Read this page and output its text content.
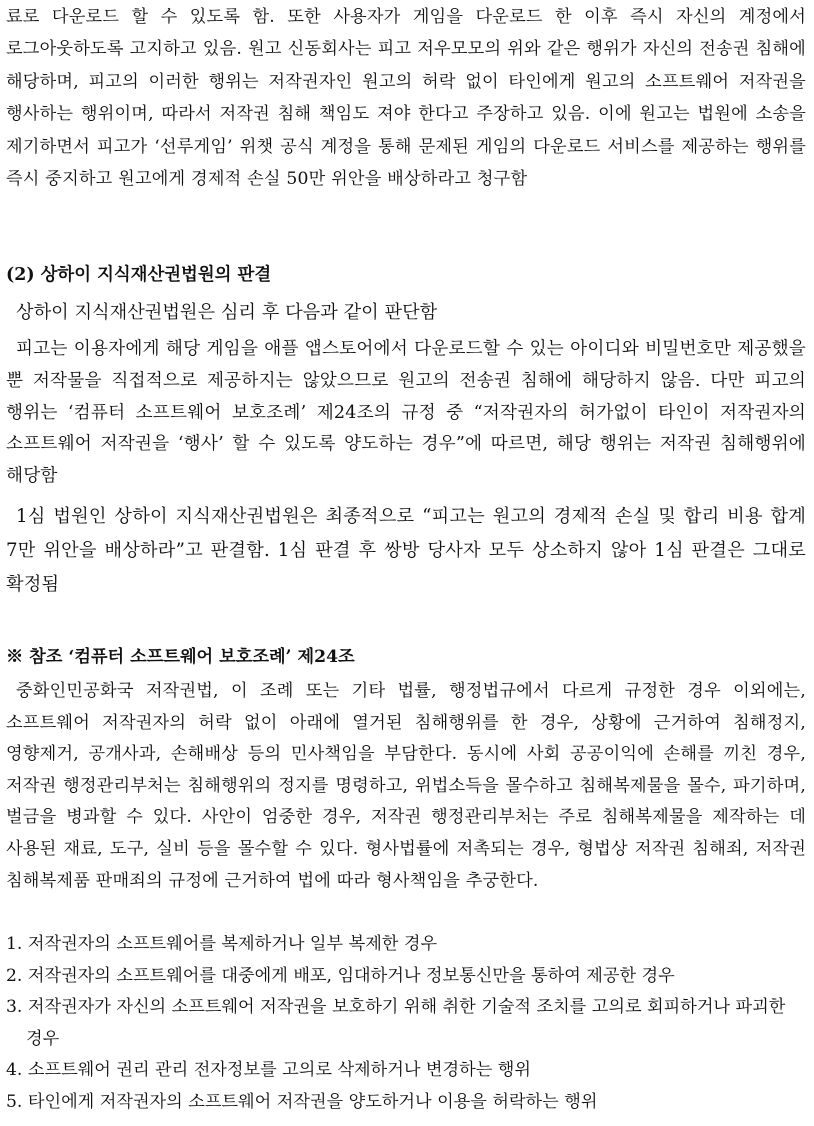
료로 다운로드 할 수 있도록 함. 또한 사용자가 게임을 다운로드 한 이후 즉시 자신의 계정에서 로그아웃하도록 고지하고 있음. 원고 신동회사는 피고 저우모모의 위와 같은 행위가 자신의 전송권 침해에 해당하며, 피고의 이러한 행위는 저작권자인 원고의 허락 없이 타인에게 원고의 소프트웨어 저작권을 행사하는 행위이며, 따라서 저작권 침해 책임도 져야 한다고 주장하고 있음. 이에 원고는 법원에 소송을 제기하면서 피고가 ‘선루게임’ 위챗 공식 계정을 통해 문제된 게임의 다운로드 서비스를 제공하는 행위를 즉시 중지하고 원고에게 경제적 손실 50만 위안을 배상하라고 청구함

(2) 상하이 지식재산권법원의 판결

상하이 지식재산권법원은 심리 후 다음과 같이 판단함

피고는 이용자에게 해당 게임을 애플 앱스토어에서 다운로드할 수 있는 아이디와 비밀번호만 제공했을 뿐 저작물을 직접적으로 제공하지는 않았으므로 원고의 전송권 침해에 해당하지 않음. 다만 피고의 행위는 ‘컴퓨터 소프트웨어 보호조례’ 제24조의 규정 중 “저작권자의 허가없이 타인이 저작권자의 소프트웨어 저작권을 ‘행사’ 할 수 있도록 양도하는 경우”에 따르면, 해당 행위는 저작권 침해행위에 해당함

1심 법원인 상하이 지식재산권법원은 최종적으로 “피고는 원고의 경제적 손실 및 합리 비용 합계 7만 위안을 배상하라”고 판결함. 1심 판결 후 쌍방 당사자 모두 상소하지 않아 1심 판결은 그대로 확정됨

※ 참조 ‘컴퓨터 소프트웨어 보호조례’ 제24조

중화인민공화국 저작권법, 이 조례 또는 기타 법률, 행정법규에서 다르게 규정한 경우 이외에는, 소프트웨어 저작권자의 허락 없이 아래에 열거된 침해행위를 한 경우, 상황에 근거하여 침해정지, 영향제거, 공개사과, 손해배상 등의 민사책임을 부담한다. 동시에 사회 공공이익에 손해를 끼친 경우, 저작권 행정관리부처는 침해행위의 정지를 명령하고, 위법소득을 몰수하고 침해복제물을 몰수, 파기하며, 벌금을 병과할 수 있다. 사안이 엄중한 경우, 저작권 행정관리부처는 주로 침해복제물을 제작하는 데 사용된 재료, 도구, 실비 등을 몰수할 수 있다. 형사법률에 저촉되는 경우, 형법상 저작권 침해죄, 저작권 침해복제품 판매죄의 규정에 근거하여 법에 따라 형사책임을 추궁한다.

1. 저작권자의 소프트웨어를 복제하거나 일부 복제한 경우
2. 저작권자의 소프트웨어를 대중에게 배포, 임대하거나 정보통신만을 통하여 제공한 경우
3. 저작권자가 자신의 소프트웨어 저작권을 보호하기 위해 취한 기술적 조치를 고의로 회피하거나 파괴한 경우
4. 소프트웨어 권리 관리 전자정보를 고의로 삭제하거나 변경하는 행위
5. 타인에게 저작권자의 소프트웨어 저작권을 양도하거나 이용을 허락하는 행위
